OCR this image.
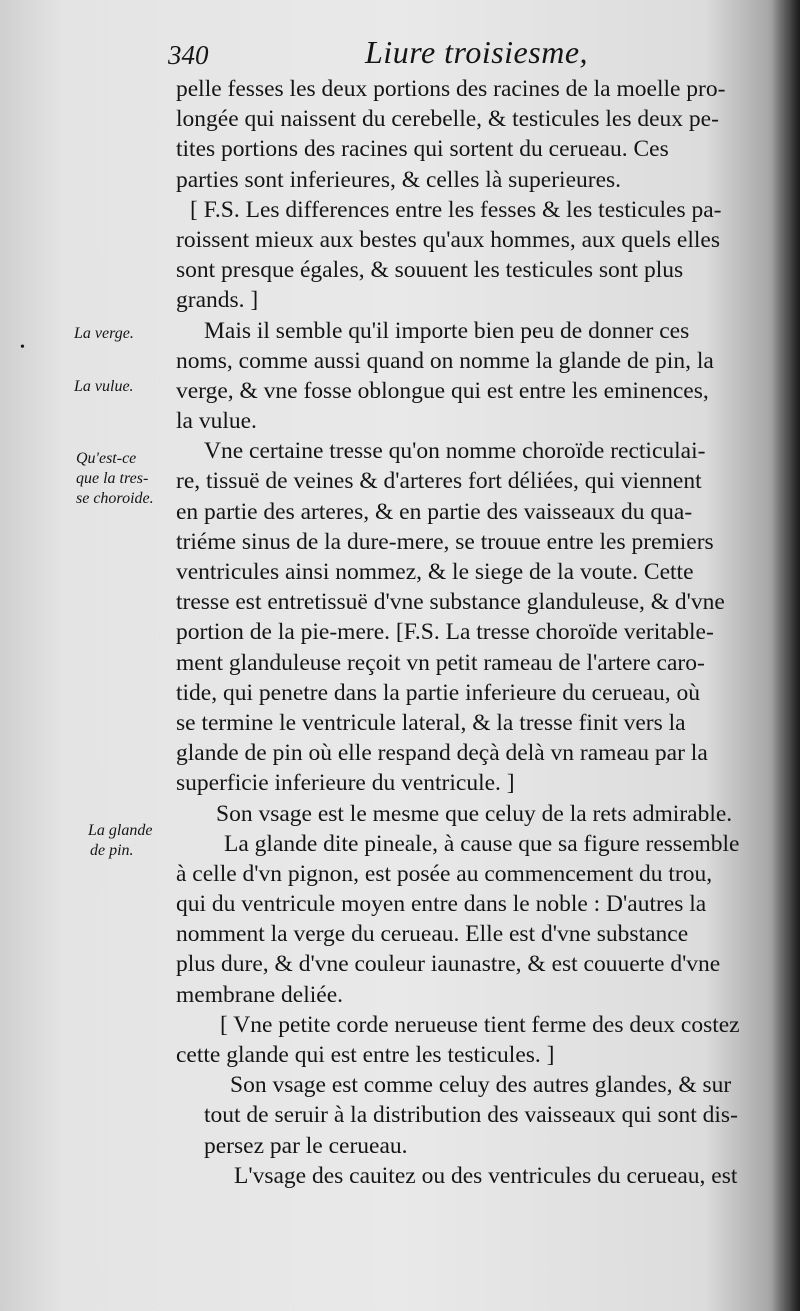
340	Liure troisiesme,
•
La verge.
La vulue.
Qu'est-ce
que la tres-
se choroide.
La glande
de pin.
pelle fesses les deux portions des racines de la moelle pro-
longée qui naissent du cerebelle, & testicules les deux pe-
tites portions des racines qui sortent du cerueau. Ces
parties sont inferieures, & celles là superieures.
[ F.S. Les differences entre les fesses & les testicules pa-
roissent mieux aux bestes qu'aux hommes, aux quels elles
sont presque égales, & souuent les testicules sont plus
grands. ]
Mais il semble qu'il importe bien peu de donner ces
noms, comme aussi quand on nomme la glande de pin, la
verge, & vne fosse oblongue qui est entre les eminences,
la vulue.
Vne certaine tresse qu'on nomme choroïde recticulai-
re, tissuë de veines & d'arteres fort déliées, qui viennent
en partie des arteres, & en partie des vaisseaux du qua-
triéme sinus de la dure-mere, se trouue entre les premiers
ventricules ainsi nommez, & le siege de la voute. Cette
tresse est entretissuë d'vne substance glanduleuse, & d'vne
portion de la pie-mere. [F.S. La tresse choroïde veritable-
ment glanduleuse reçoit vn petit rameau de l'artere caro-
tide, qui penetre dans la partie inferieure du cerueau, où
se termine le ventricule lateral, & la tresse finit vers la
glande de pin où elle respand deçà delà vn rameau par la
superficie inferieure du ventricule. ]
Son vsage est le mesme que celuy de la rets admirable.
La glande dite pineale, à cause que sa figure ressemble
à celle d'vn pignon, est posée au commencement du trou,
qui du ventricule moyen entre dans le noble : D'autres la
nomment la verge du cerueau. Elle est d'vne substance
plus dure, & d'vne couleur iaunastre, & est couuerte d'vne
membrane deliée.
[ Vne petite corde nerueuse tient ferme des deux costez
cette glande qui est entre les testicules. ]
Son vsage est comme celuy des autres glandes, & sur
tout de seruir à la distribution des vaisseaux qui sont dis-
persez par le cerueau.
L'vsage des cauitez ou des ventricules du cerueau, est
